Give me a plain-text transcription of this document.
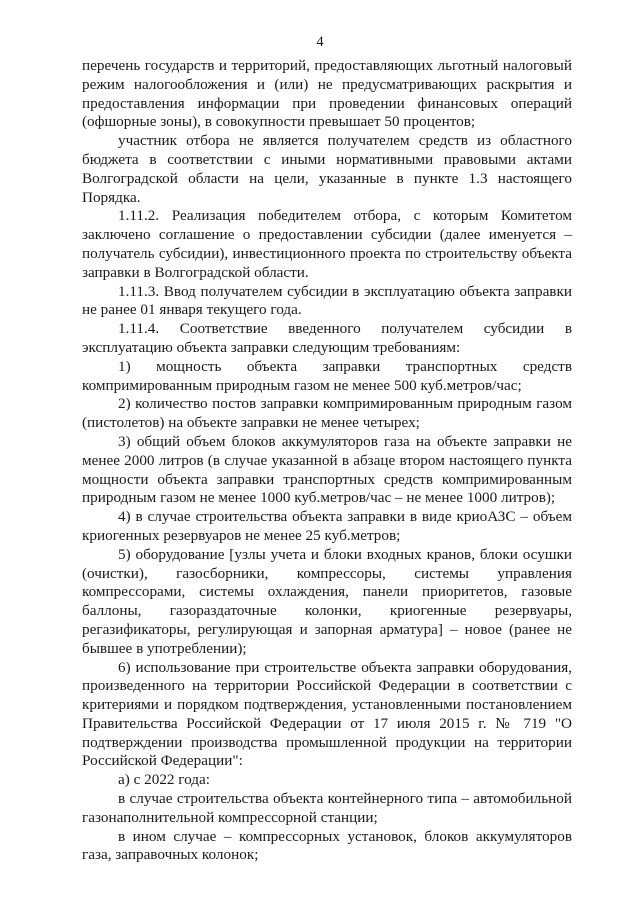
4

перечень государств и территорий, предоставляющих льготный налоговый режим налогообложения и (или) не предусматривающих раскрытия и предоставления информации при проведении финансовых операций (офшорные зоны), в совокупности превышает 50 процентов;

участник отбора не является получателем средств из областного бюджета в соответствии с иными нормативными правовыми актами Волгоградской области на цели, указанные в пункте 1.3 настоящего Порядка.

1.11.2. Реализация победителем отбора, с которым Комитетом заключено соглашение о предоставлении субсидии (далее именуется – получатель субсидии), инвестиционного проекта по строительству объекта заправки в Волгоградской области.

1.11.3. Ввод получателем субсидии в эксплуатацию объекта заправки не ранее 01 января текущего года.

1.11.4. Соответствие введенного получателем субсидии в эксплуатацию объекта заправки следующим требованиям:

1) мощность объекта заправки транспортных средств компримированным природным газом не менее 500 куб.метров/час;

2) количество постов заправки компримированным природным газом (пистолетов) на объекте заправки не менее четырех;

3) общий объем блоков аккумуляторов газа на объекте заправки не менее 2000 литров (в случае указанной в абзаце втором настоящего пункта мощности объекта заправки транспортных средств компримированным природным газом не менее 1000 куб.метров/час – не менее 1000 литров);

4) в случае строительства объекта заправки в виде криоАЗС – объем криогенных резервуаров не менее 25 куб.метров;

5) оборудование [узлы учета и блоки входных кранов, блоки осушки (очистки), газосборники, компрессоры, системы управления компрессорами, системы охлаждения, панели приоритетов, газовые баллоны, газораздаточные колонки, криогенные резервуары, регазификаторы, регулирующая и запорная арматура] – новое (ранее не бывшее в употреблении);

6) использование при строительстве объекта заправки оборудования, произведенного на территории Российской Федерации в соответствии с критериями и порядком подтверждения, установленными постановлением Правительства Российской Федерации от 17 июля 2015 г. № 719 "О подтверждении производства промышленной продукции на территории Российской Федерации":

а) с 2022 года:

в случае строительства объекта контейнерного типа – автомобильной газонаполнительной компрессорной станции;

в ином случае – компрессорных установок, блоков аккумуляторов газа, заправочных колонок;
